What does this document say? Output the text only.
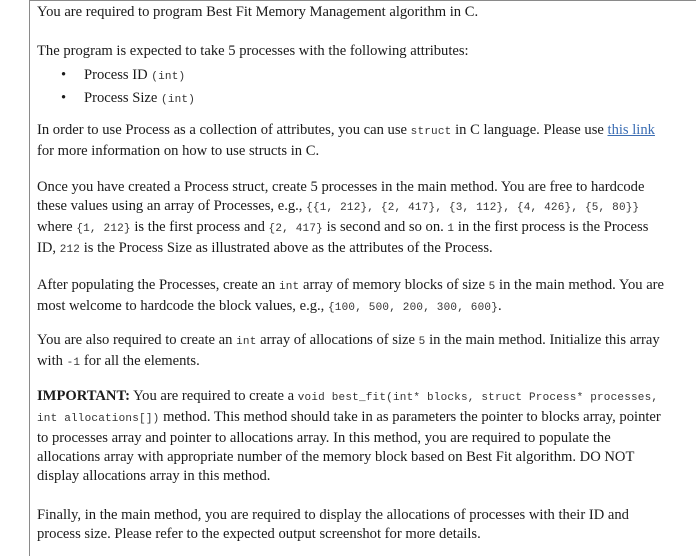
You are required to program Best Fit Memory Management algorithm in C.

The program is expected to take 5 processes with the following attributes:

• Process ID (int)
• Process Size (int)

In order to use Process as a collection of attributes, you can use struct in C language. Please use this link for more information on how to use structs in C.

Once you have created a Process struct, create 5 processes in the main method. You are free to hardcode these values using an array of Processes, e.g., {{1, 212}, {2, 417}, {3, 112}, {4, 426}, {5, 80}} where {1, 212} is the first process and {2, 417} is second and so on. 1 in the first process is the Process ID, 212 is the Process Size as illustrated above as the attributes of the Process.

After populating the Processes, create an int array of memory blocks of size 5 in the main method. You are most welcome to hardcode the block values, e.g., {100, 500, 200, 300, 600}.

You are also required to create an int array of allocations of size 5 in the main method. Initialize this array with -1 for all the elements.

IMPORTANT: You are required to create a void best_fit(int* blocks, struct Process* processes, int allocations[]) method. This method should take in as parameters the pointer to blocks array, pointer to processes array and pointer to allocations array. In this method, you are required to populate the allocations array with appropriate number of the memory block based on Best Fit algorithm. DO NOT display allocations array in this method.

Finally, in the main method, you are required to display the allocations of processes with their ID and process size. Please refer to the expected output screenshot for more details.
